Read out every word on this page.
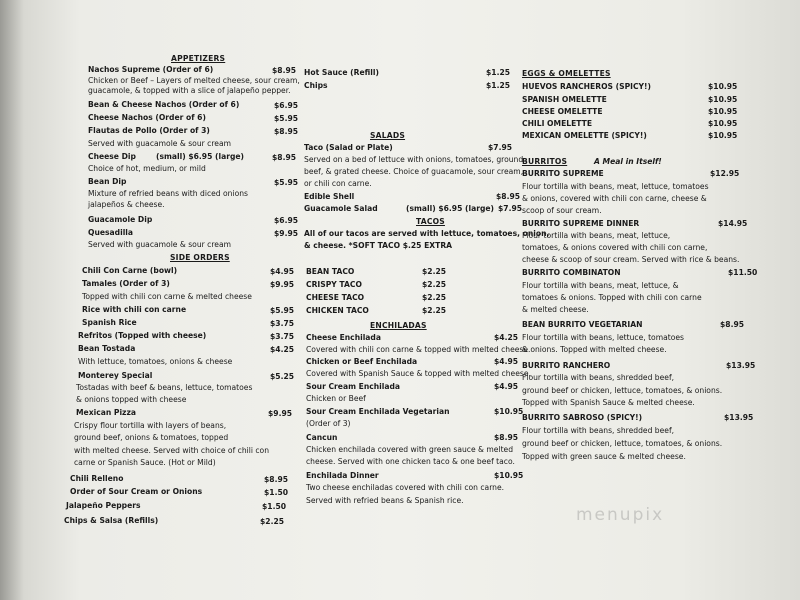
APPETIZERS
Nachos Supreme (Order of 6)	$8.95
Chicken or Beef – Layers of melted cheese, sour cream,
guacamole, & topped with a slice of jalapeño pepper.
Bean & Cheese Nachos (Order of 6)	$6.95
Cheese Nachos (Order of 6)	$5.95
Flautas de Pollo (Order of 3)	$8.95
Served with guacamole & sour cream
Cheese Dip	(small) $6.95 (large)	$8.95
Choice of hot, medium, or mild
Bean Dip	$5.95
Mixture of refried beans with diced onions
jalapeños & cheese.
Guacamole Dip	$6.95
Quesadilla	$9.95
Served with guacamole & sour cream
SIDE ORDERS
Chili Con Carne (bowl)	$4.95
Tamales (Order of 3)	$9.95
Topped with chili con carne & melted cheese
Rice with chili con carne	$5.95
Spanish Rice	$3.75
Refritos (Topped with cheese)	$3.75
Bean Tostada	$4.25
With lettuce, tomatoes, onions & cheese
Monterey Special	$5.25
Tostadas with beef & beans, lettuce, tomatoes
& onions topped with cheese
Mexican Pizza	$9.95
Crispy flour tortilla with layers of beans,
ground beef, onions & tomatoes, topped
with melted cheese. Served with choice of chili con
carne or Spanish Sauce. (Hot or Mild)
Chili Relleno	$8.95
Order of Sour Cream or Onions	$1.50
Jalapeño Peppers	$1.50
Chips & Salsa (Refills)	$2.25
Hot Sauce (Refill)	$1.25
Chips	$1.25
SALADS
Taco (Salad or Plate)	$7.95
Served on a bed of lettuce with onions, tomatoes, ground
beef, & grated cheese. Choice of guacamole, sour cream,
or chili con carne.
Edible Shell	$8.95
Guacamole Salad	(small) $6.95 (large) $7.95
TACOS
All of our tacos are served with lettuce, tomatoes, onion,
& cheese. *SOFT TACO $.25 EXTRA
BEAN TACO	$2.25
CRISPY TACO	$2.25
CHEESE TACO	$2.25
CHICKEN TACO	$2.25
ENCHILADAS
Cheese Enchilada	$4.25
Covered with chili con carne & topped with melted cheese.
Chicken or Beef Enchilada	$4.95
Covered with Spanish Sauce & topped with melted cheese.
Sour Cream Enchilada	$4.95
Chicken or Beef
Sour Cream Enchilada Vegetarian	$10.95
(Order of 3)
Cancun	$8.95
Chicken enchilada covered with green sauce & melted
cheese. Served with one chicken taco & one beef taco.
Enchilada Dinner	$10.95
Two cheese enchiladas covered with chili con carne.
Served with refried beans & Spanish rice.
EGGS & OMELETTES
HUEVOS RANCHEROS (SPICY!)	$10.95
SPANISH OMELETTE	$10.95
CHEESE OMELETTE	$10.95
CHILI OMELETTE	$10.95
MEXICAN OMELETTE (SPICY!)	$10.95
BURRITOS	A Meal in Itself!
BURRITO SUPREME	$12.95
Flour tortilla with beans, meat, lettuce, tomatoes
& onions, covered with chili con carne, cheese &
scoop of sour cream.
BURRITO SUPREME DINNER	$14.95
Flour tortilla with beans, meat, lettuce,
tomatoes, & onions covered with chili con carne,
cheese & scoop of sour cream. Served with rice & beans.
BURRITO COMBINATON	$11.50
Flour tortilla with beans, meat, lettuce, &
tomatoes & onions. Topped with chili con carne
& melted cheese.
BEAN BURRITO VEGETARIAN	$8.95
Flour tortilla with beans, lettuce, tomatoes
& onions. Topped with melted cheese.
BURRITO RANCHERO	$13.95
Flour tortilla with beans, shredded beef,
ground beef or chicken, lettuce, tomatoes, & onions.
Topped with Spanish Sauce & melted cheese.
BURRITO SABROSO (SPICY!)	$13.95
Flour tortilla with beans, shredded beef,
ground beef or chicken, lettuce, tomatoes, & onions.
Topped with green sauce & melted cheese.
menupix
